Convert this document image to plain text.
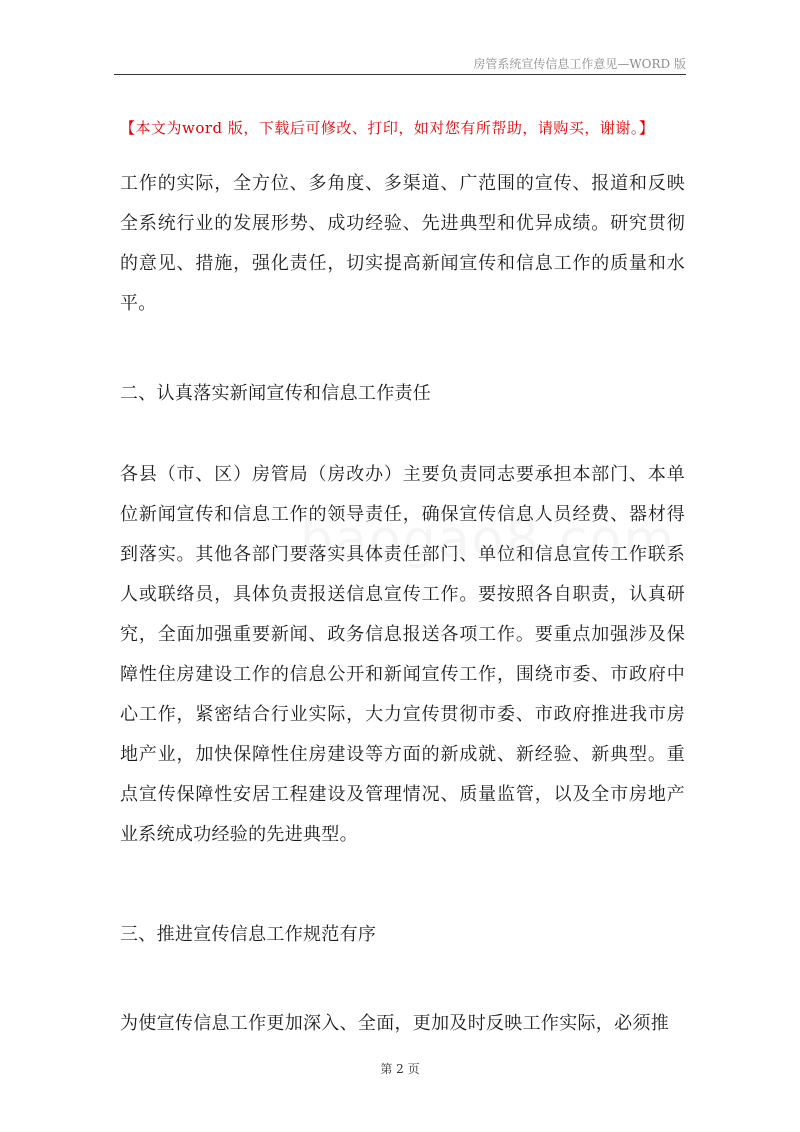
房管系统宣传信息工作意见—WORD 版
【本文为word 版，下载后可修改、打印，如对您有所帮助，请购买，谢谢。】
工作的实际，全方位、多角度、多渠道、广范围的宣传、报道和反映全系统行业的发展形势、成功经验、先进典型和优异成绩。研究贯彻的意见、措施，强化责任，切实提高新闻宣传和信息工作的质量和水平。
二、认真落实新闻宣传和信息工作责任
各县（市、区）房管局（房改办）主要负责同志要承担本部门、本单位新闻宣传和信息工作的领导责任，确保宣传信息人员经费、器材得到落实。其他各部门要落实具体责任部门、单位和信息宣传工作联系人或联络员，具体负责报送信息宣传工作。要按照各自职责，认真研究，全面加强重要新闻、政务信息报送各项工作。要重点加强涉及保障性住房建设工作的信息公开和新闻宣传工作，围绕市委、市政府中心工作，紧密结合行业实际，大力宣传贯彻市委、市政府推进我市房地产业，加快保障性住房建设等方面的新成就、新经验、新典型。重点宣传保障性安居工程建设及管理情况、质量监管，以及全市房地产业系统成功经验的先进典型。
三、推进宣传信息工作规范有序
为使宣传信息工作更加深入、全面，更加及时反映工作实际，必须推
第 2 页
